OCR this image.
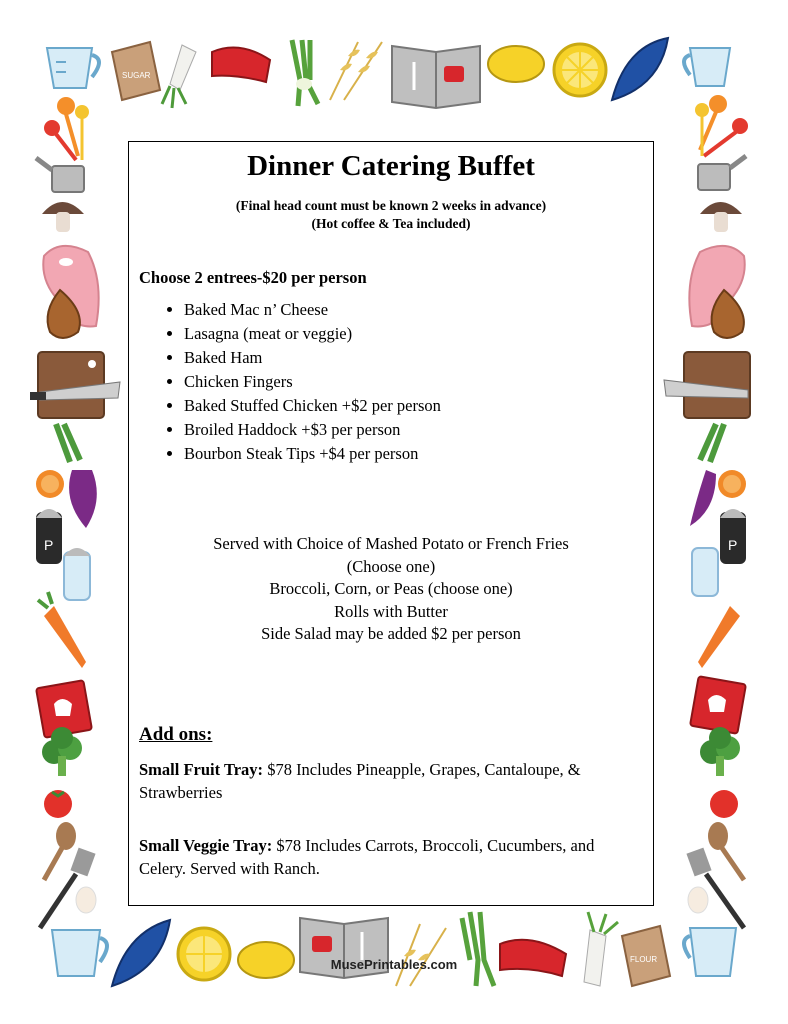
SUGAR
P	P
FLOUR
Dinner Catering Buffet
(Final head count must be known 2 weeks in advance)
(Hot coffee & Tea included)
Choose 2 entrees-$20 per person
• Baked Mac n’ Cheese
• Lasagna (meat or veggie)
• Baked Ham
• Chicken Fingers
• Baked Stuffed Chicken +$2 per person
• Broiled Haddock +$3 per person
• Bourbon Steak Tips +$4 per person
Served with Choice of Mashed Potato or French Fries
(Choose one)
Broccoli, Corn, or Peas (choose one)
Rolls with Butter
Side Salad may be added $2 per person
Add ons:
Small Fruit Tray: $78 Includes Pineapple, Grapes, Cantaloupe, & Strawberries
Small Veggie Tray: $78 Includes Carrots, Broccoli, Cucumbers, and Celery. Served with Ranch.
MusePrintables.com
